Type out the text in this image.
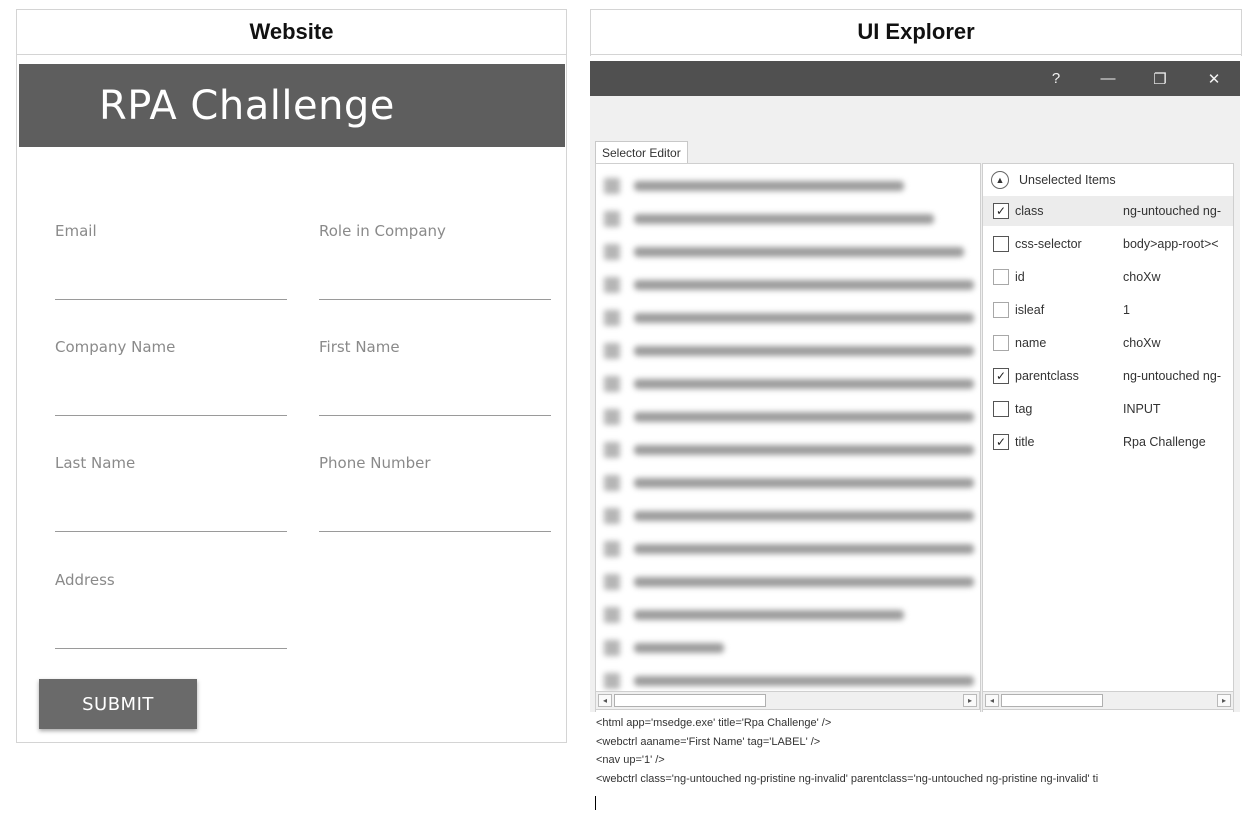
Website
RPA Challenge
Email	Role in Company
Company Name	First Name
Last Name	Phone Number
Address
SUBMIT
UI Explorer
?	—	❐	✕
Selector Editor
▲	Unselected Items
✓ class	ng-untouched ng-
css-selector	body>app-root><
id	choXw
isleaf	1
name	choXw
✓ parentclass	ng-untouched ng-
tag	INPUT
✓ title	Rpa Challenge
◂	▸	◂	▸
<html app='msedge.exe' title='Rpa Challenge' />
<webctrl aaname='First Name' tag='LABEL' />
<nav up='1' />
<webctrl class='ng-untouched ng-pristine ng-invalid' parentclass='ng-untouched ng-pristine ng-invalid' ti
